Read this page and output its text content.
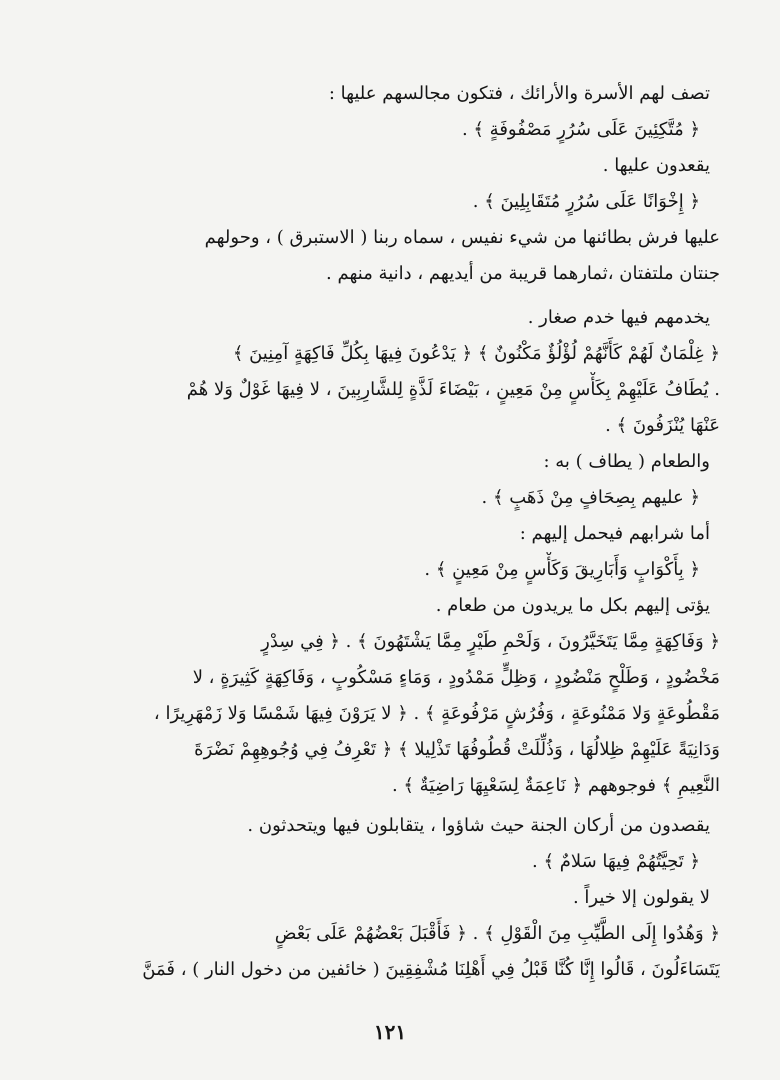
تصف لهم الأسرة والأرائك ، فتكون مجالسهم عليها :
﴿ مُتَّكِئِينَ عَلَى سُرُرٍ مَصْفُوفَةٍ ﴾ .
يقعدون عليها .
﴿ إِخْوَانًا عَلَى سُرُرٍ مُتَقَابِلِينَ ﴾ .
عليها فرش بطائنها من شيء نفيس ، سماه ربنا ( الاستبرق ) ، وحولهم
جنتان ملتفتان ،ثمارهما قريبة من أيديهم ، دانية منهم .
يخدمهم فيها خدم صغار .
﴿ غِلْمَانٌ لَهُمْ كَأَنَّهُمْ لُؤْلُؤٌ مَكْنُونٌ ﴾ ﴿ يَدْعُونَ فِيهَا بِكُلِّ فَاكِهَةٍ آمِنِينَ ﴾
. يُطَافُ عَلَيْهِمْ بِكَأْسٍ مِنْ مَعِينٍ ، بَيْضَاءَ لَذَّةٍ لِلشَّارِبِينَ ، لا فِيهَا غَوْلٌ وَلا هُمْ
عَنْهَا يُنْزَفُونَ ﴾ .
والطعام ( يطاف ) به :
﴿ عليهم بِصِحَافٍ مِنْ ذَهَبٍ ﴾ .
أما شرابهم فيحمل إليهم :
﴿ بِأَكْوَابٍ وَأَبَارِيقَ وَكَأْسٍ مِنْ مَعِينٍ ﴾ .
يؤتى إليهم بكل ما يريدون من طعام .
﴿ وَفَاكِهَةٍ مِمَّا يَتَخَيَّرُونَ ، وَلَحْمِ طَيْرٍ مِمَّا يَشْتَهُونَ ﴾ . ﴿ فِي سِدْرٍ
مَخْضُودٍ ، وَطَلْحٍ مَنْضُودٍ ، وَظِلٍّ مَمْدُودٍ ، وَمَاءٍ مَسْكُوبٍ ، وَفَاكِهَةٍ كَثِيرَةٍ ، لا
مَقْطُوعَةٍ وَلا مَمْنُوعَةٍ ، وَفُرُشٍ مَرْفُوعَةٍ ﴾ . ﴿ لا يَرَوْنَ فِيهَا شَمْسًا وَلا زَمْهَرِيرًا ،
وَدَانِيَةً عَلَيْهِمْ ظِلالُهَا ، وَذُلِّلَتْ قُطُوفُهَا تَذْلِيلا ﴾ ﴿ تَعْرِفُ فِي وُجُوهِهِمْ نَضْرَةَ
النَّعِيمِ ﴾ فوجوههم ﴿ نَاعِمَةٌ لِسَعْيِهَا رَاضِيَةٌ ﴾ .
يقصدون من أركان الجنة حيث شاؤوا ، يتقابلون فيها ويتحدثون .
﴿ تَحِيَّتُهُمْ فِيهَا سَلامٌ ﴾ .
لا يقولون إلا خيراً .
﴿ وَهُدُوا إِلَى الطَّيِّبِ مِنَ الْقَوْلِ ﴾ . ﴿ فَأَقْبَلَ بَعْضُهُمْ عَلَى بَعْضٍ
يَتَسَاءَلُونَ ، قَالُوا إِنَّا كُنَّا قَبْلُ فِي أَهْلِنَا مُشْفِقِينَ ( خائفين من دخول النار ) ، فَمَنَّ
١٢١
